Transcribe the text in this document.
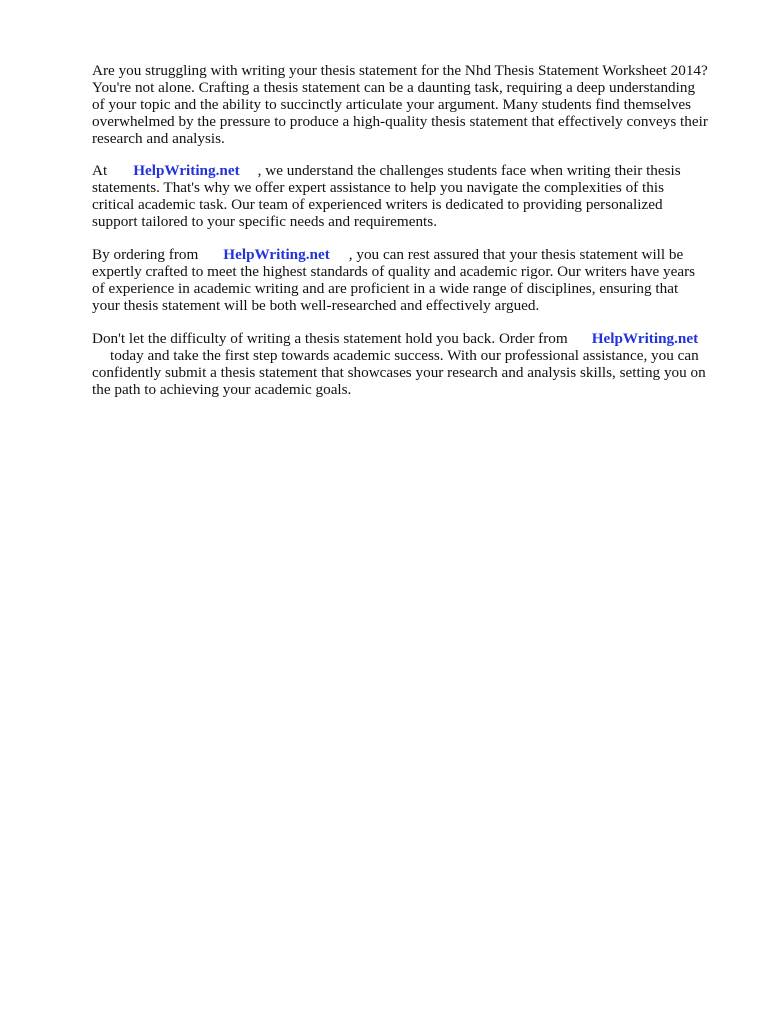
Are you struggling with writing your thesis statement for the Nhd Thesis Statement Worksheet 2014?
You're not alone. Crafting a thesis statement can be a daunting task, requiring a deep understanding
of your topic and the ability to succinctly articulate your argument. Many students find themselves
overwhelmed by the pressure to produce a high-quality thesis statement that effectively conveys their
research and analysis.

At HelpWriting.net , we understand the challenges students face when writing their thesis
statements. That's why we offer expert assistance to help you navigate the complexities of this
critical academic task. Our team of experienced writers is dedicated to providing personalized
support tailored to your specific needs and requirements.

By ordering from HelpWriting.net , you can rest assured that your thesis statement will be
expertly crafted to meet the highest standards of quality and academic rigor. Our writers have years
of experience in academic writing and are proficient in a wide range of disciplines, ensuring that
your thesis statement will be both well-researched and effectively argued.

Don't let the difficulty of writing a thesis statement hold you back. Order from HelpWriting.net
today and take the first step towards academic success. With our professional assistance, you can
confidently submit a thesis statement that showcases your research and analysis skills, setting you on
the path to achieving your academic goals.
